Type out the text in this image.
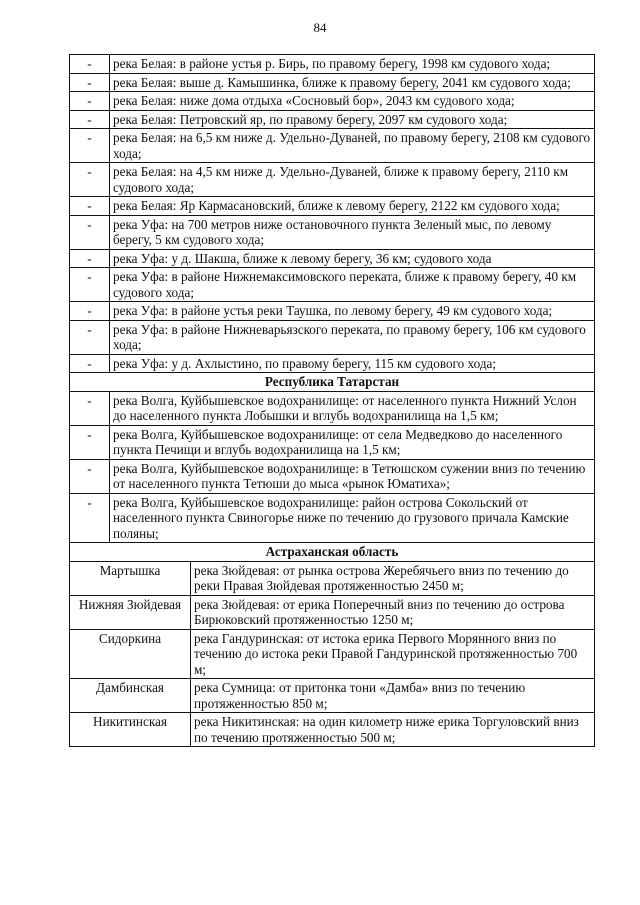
84
-	река Белая: в районе устья р. Бирь, по правому берегу, 1998 км судового хода;	
-	река Белая: выше д. Камышинка, ближе к правому берегу, 2041 км судового хода;	
-	река Белая: ниже дома отдыха «Сосновый бор», 2043 км судового хода;	
-	река Белая: Петровский яр, по правому берегу, 2097 км судового хода;	
-	река Белая: на 6,5 км ниже д. Удельно-Дуваней, по правому берегу, 2108 км судового хода;	
-	река Белая: на 4,5 км ниже д. Удельно-Дуваней, ближе к правому берегу, 2110 км судового хода;	
-	река Белая: Яр Кармасановский, ближе к левому берегу, 2122 км судового хода;	
-	река Уфа: на 700 метров ниже остановочного пункта Зеленый мыс, по левому берегу, 5 км судового хода;	
-	река Уфа: у д. Шакша, ближе к левому берегу, 36 км; судового хода	
-	река Уфа: в районе Нижнемаксимовского переката, ближе к правому берегу, 40 км судового хода;	
-	река Уфа: в районе устья реки Таушка, по левому берегу, 49 км судового хода;	
-	река Уфа: в районе Нижневарьязского переката, по правому берегу, 106 км судового хода;	
-	река Уфа: у д. Ахлыстино, по правому берегу, 115 км судового хода;	
Республика Татарстан		
-	река Волга, Куйбышевское водохранилище: от населенного пункта Нижний Услон до населенного пункта Лобышки и вглубь водохранилища на 1,5 км;	
-	река Волга, Куйбышевское водохранилище: от села Медведково до населенного пункта Печищи и вглубь водохранилища на 1,5 км;	
-	река Волга, Куйбышевское водохранилище: в Тетюшском сужении вниз по течению от населенного пункта Тетюши до мыса «рынок Юматиха»;	
-	река Волга, Куйбышевское водохранилище: район острова Сокольский от населенного пункта Свиногорье ниже по течению до грузового причала Камские поляны;	
Астраханская область		
Мартышка		река Зюйдевая: от рынка острова Жеребячьего вниз по течению до реки Правая Зюйдевая протяженностью 2450 м;
Нижняя Зюйдевая		река Зюйдевая: от ерика Поперечный вниз по течению до острова Бирюковский протяженностью 1250 м;
Сидоркина		река Гандуринская: от истока ерика Первого Морянного вниз по течению до истока реки Правой Гандуринской протяженностью 700 м;
Дамбинская		река Сумница: от притонка тони «Дамба» вниз по течению протяженностью 850 м;
Никитинская		река Никитинская: на один километр ниже ерика Торгуловский вниз по течению протяженностью 500 м;
